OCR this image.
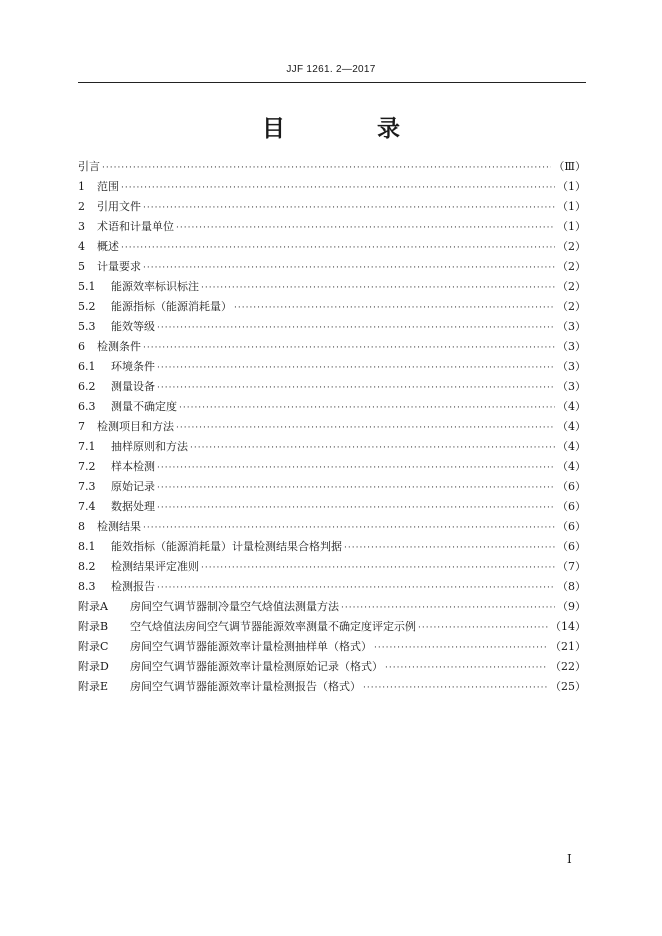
JJF 1261. 2—2017
目 录
引言 ·····	（Ⅲ）
1	范围 ·····	（1）
2	引用文件 ·····	（1）
3	术语和计量单位 ·····	（1）
4	概述 ·····	（2）
5	计量要求 ·····	（2）
5.1	能源效率标识标注 ·····	（2）
5.2	能源指标（能源消耗量） ·····	（2）
5.3	能效等级 ·····	（3）
6	检测条件 ·····	（3）
6.1	环境条件 ·····	（3）
6.2	测量设备 ·····	（3）
6.3	测量不确定度 ·····	（4）
7	检测项目和方法 ·····	（4）
7.1	抽样原则和方法 ·····	（4）
7.2	样本检测 ·····	（4）
7.3	原始记录 ·····	（6）
7.4	数据处理 ·····	（6）
8	检测结果 ·····	（6）
8.1	能效指标（能源消耗量）计量检测结果合格判据 ·····	（6）
8.2	检测结果评定准则 ·····	（7）
8.3	检测报告 ·····	（8）
附录A	房间空气调节器制冷量空气焓值法测量方法 ·····	（9）
附录B	空气焓值法房间空气调节器能源效率测量不确定度评定示例 ·····	（14）
附录C	房间空气调节器能源效率计量检测抽样单（格式） ·····	（21）
附录D	房间空气调节器能源效率计量检测原始记录（格式） ·····	（22）
附录E	房间空气调节器能源效率计量检测报告（格式） ·····	（25）
I
